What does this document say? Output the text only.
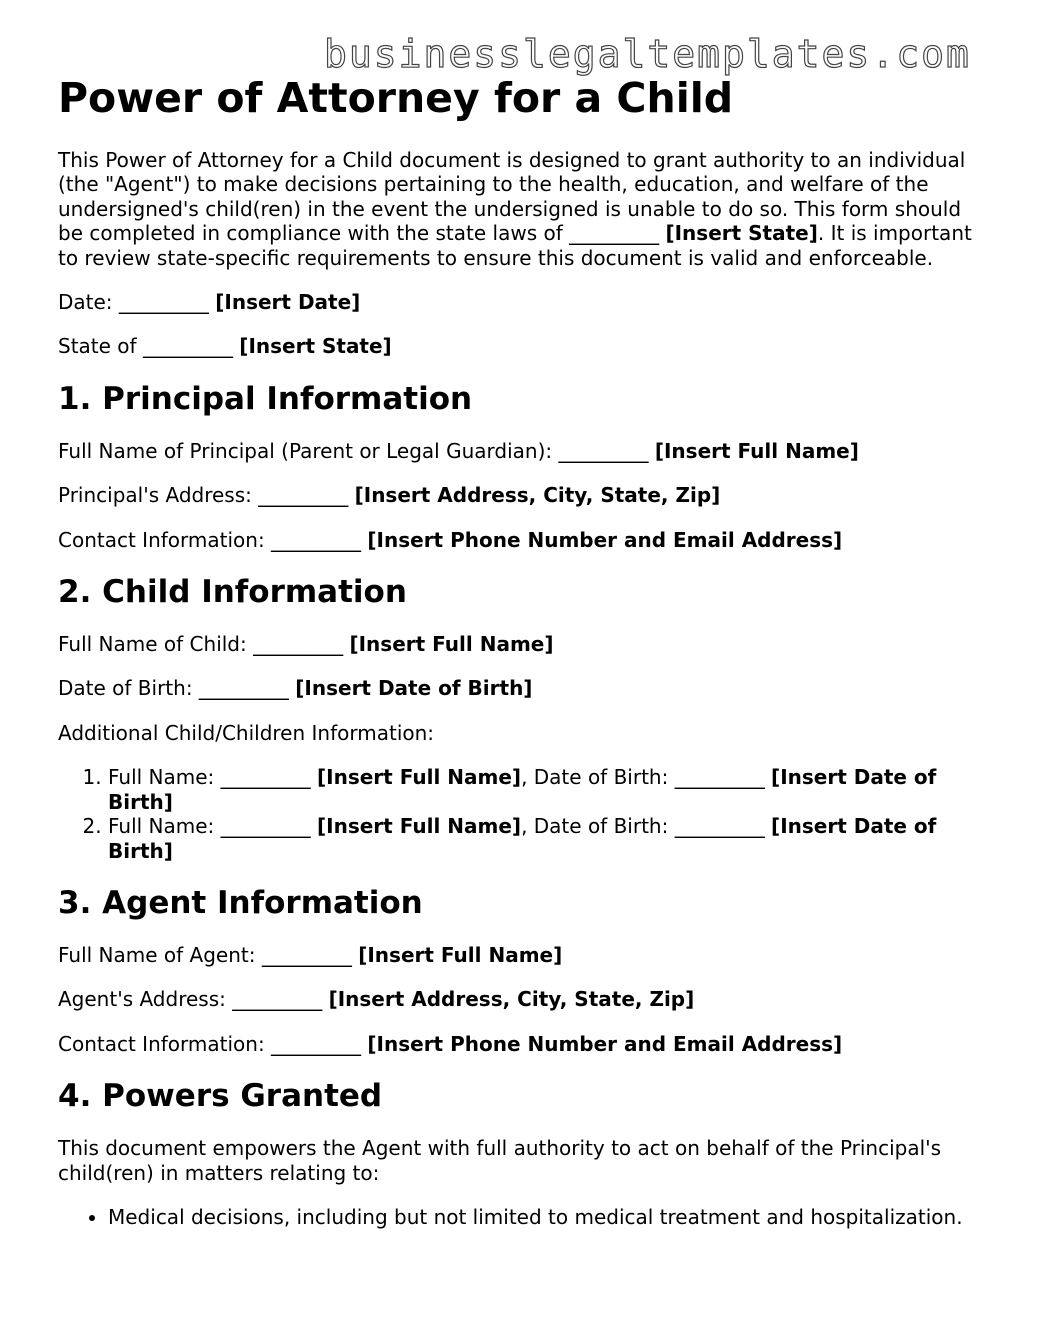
businesslegaltemplates.com
Power of Attorney for a Child

This Power of Attorney for a Child document is designed to grant authority to an individual (the "Agent") to make decisions pertaining to the health, education, and welfare of the undersigned's child(ren) in the event the undersigned is unable to do so. This form should be completed in compliance with the state laws of _________ [Insert State]. It is important to review state-specific requirements to ensure this document is valid and enforceable.

Date: _________ [Insert Date]

State of _________ [Insert State]

1. Principal Information

Full Name of Principal (Parent or Legal Guardian): _________ [Insert Full Name]

Principal's Address: _________ [Insert Address, City, State, Zip]

Contact Information: _________ [Insert Phone Number and Email Address]

2. Child Information

Full Name of Child: _________ [Insert Full Name]

Date of Birth: _________ [Insert Date of Birth]

Additional Child/Children Information:

1. Full Name: _________ [Insert Full Name], Date of Birth: _________ [Insert Date of Birth]
2. Full Name: _________ [Insert Full Name], Date of Birth: _________ [Insert Date of Birth]
3. Agent Information

Full Name of Agent: _________ [Insert Full Name]

Agent's Address: _________ [Insert Address, City, State, Zip]

Contact Information: _________ [Insert Phone Number and Email Address]

4. Powers Granted

This document empowers the Agent with full authority to act on behalf of the Principal's child(ren) in matters relating to:

• Medical decisions, including but not limited to medical treatment and hospitalization.
